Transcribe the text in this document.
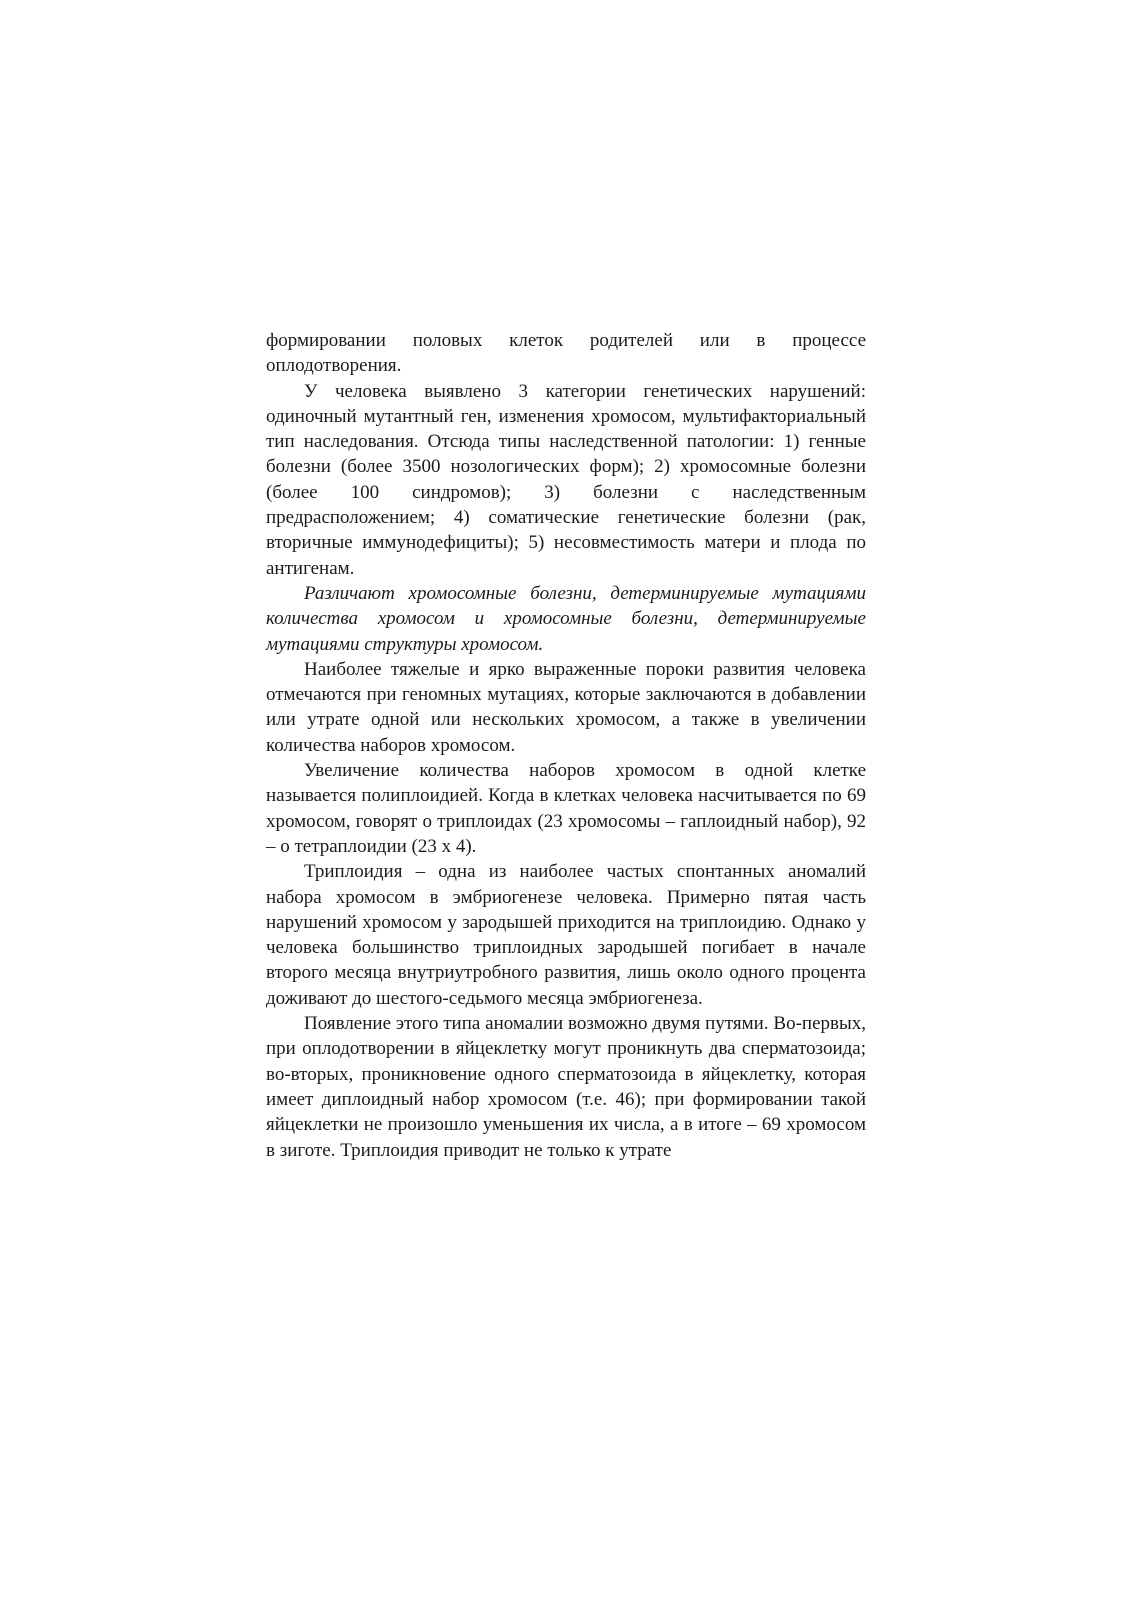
формировании половых клеток родителей или в процессе оплодотворения.

У человека выявлено 3 категории генетических нарушений: одиночный мутантный ген, изменения хромосом, мультифакториальный тип наследования. Отсюда типы наследственной патологии: 1) генные болезни (более 3500 нозологических форм); 2) хромосомные болезни (более 100 синдромов); 3) болезни с наследственным предрасположением; 4) соматические генетические болезни (рак, вторичные иммунодефициты); 5) несовместимость матери и плода по антигенам.

Различают хромосомные болезни, детерминируемые мутациями количества хромосом и хромосомные болезни, детерминируемые мутациями структуры хромосом.

Наиболее тяжелые и ярко выраженные пороки развития человека отмечаются при геномных мутациях, которые заключаются в добавлении или утрате одной или нескольких хромосом, а также в увеличении количества наборов хромосом.

Увеличение количества наборов хромосом в одной клетке называется полиплоидией. Когда в клетках человека насчитывается по 69 хромосом, говорят о триплоидах (23 хромосомы – гаплоидный набор), 92 – о тетраплоидии (23 х 4).

Триплоидия – одна из наиболее частых спонтанных аномалий набора хромосом в эмбриогенезе человека. Примерно пятая часть нарушений хромосом у зародышей приходится на триплоидию. Однако у человека большинство триплоидных зародышей погибает в начале второго месяца внутриутробного развития, лишь около одного процента доживают до шестого-седьмого месяца эмбриогенеза.

Появление этого типа аномалии возможно двумя путями. Во-первых, при оплодотворении в яйцеклетку могут проникнуть два сперматозоида; во-вторых, проникновение одного сперматозоида в яйцеклетку, которая имеет диплоидный набор хромосом (т.е. 46); при формировании такой яйцеклетки не произошло уменьшения их числа, а в итоге – 69 хромосом в зиготе. Триплоидия приводит не только к утрате
